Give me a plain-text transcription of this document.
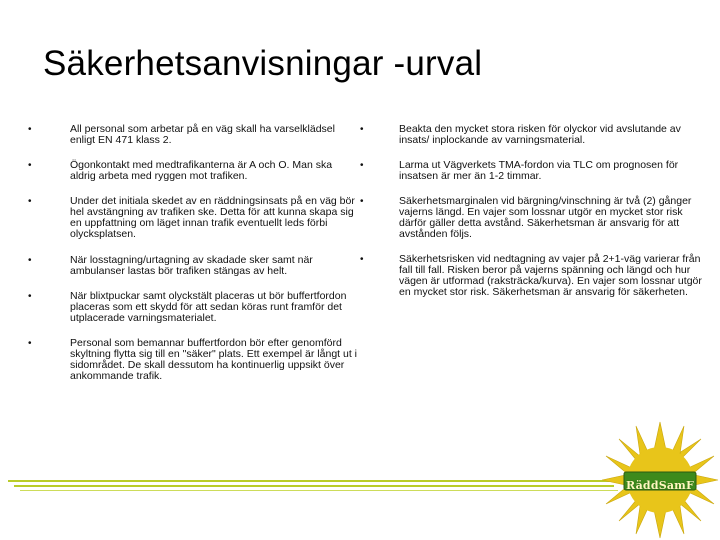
Säkerhetsanvisningar -urval
•	All personal som arbetar på en väg skall ha varselklädsel enligt EN 471 klass 2.
•	Ögonkontakt med medtrafikanterna är A och O. Man ska aldrig arbeta med ryggen mot trafiken.
•	Under det initiala skedet av en räddningsinsats på en väg bör hel avstängning av trafiken ske. Detta för att kunna skapa sig en uppfattning om läget innan trafik eventuellt leds förbi olycksplatsen.
•	När losstagning/urtagning av skadade sker samt när ambulanser lastas bör trafiken stängas av helt.
•	När blixtpuckar samt olyckstält placeras ut bör buffertfordon placeras som ett skydd för att sedan köras runt framför det utplacerade varningsmaterialet.
•	Personal som bemannar buffertfordon bör efter genomförd skyltning flytta sig till en "säker" plats. Ett exempel är långt ut i sidområdet. De skall dessutom ha kontinuerlig uppsikt över ankommande trafik.
•	Beakta den mycket stora risken för olyckor vid avslutande av insats/ inplockande av varningsmaterial.
•	Larma ut Vägverkets TMA-fordon via TLC om prognosen för insatsen är mer än 1-2 timmar.
•	Säkerhetsmarginalen vid bärgning/vinschning är två (2) gånger vajerns längd. En vajer som lossnar utgör en mycket stor risk därför gäller detta avstånd. Säkerhetsman är ansvarig för att avstånden följs.
•	Säkerhetsrisken vid nedtagning av vajer på 2+1-väg varierar från fall till fall. Risken beror på vajerns spänning och längd och hur vägen är utformad (raksträcka/kurva). En vajer som lossnar utgör en mycket stor risk. Säkerhetsman är ansvarig för säkerheten.
RäddSamF
